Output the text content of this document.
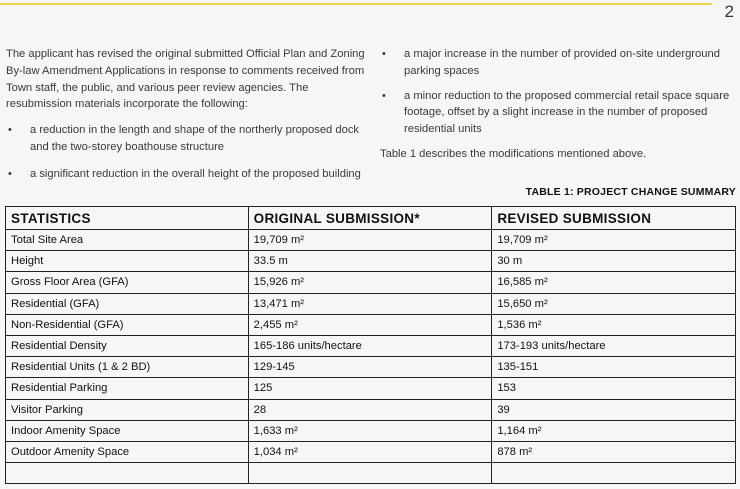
2

The applicant has revised the original submitted Official Plan and Zoning By-law Amendment Applications in response to comments received from Town staff, the public, and various peer review agencies. The resubmission materials incorporate the following:

• a reduction in the length and shape of the northerly proposed dock and the two-storey boathouse structure
• a significant reduction in the overall height of the proposed building
• a major increase in the number of provided on-site underground parking spaces
• a minor reduction to the proposed commercial retail space square footage, offset by a slight increase in the number of proposed residential units

Table 1 describes the modifications mentioned above.

TABLE 1: PROJECT CHANGE SUMMARY
STATISTICS	ORIGINAL SUBMISSION*	REVISED SUBMISSION
Total Site Area	19,709 m²	19,709 m²
Height	33.5 m	30 m
Gross Floor Area (GFA)	15,926 m²	16,585 m²
Residential (GFA)	13,471 m²	15,650 m²
Non-Residential (GFA)	2,455 m²	1,536 m²
Residential Density	165-186 units/hectare	173-193 units/hectare
Residential Units (1 & 2 BD)	129-145	135-151
Residential Parking	125	153
Visitor Parking	28	39
Indoor Amenity Space	1,633 m²	1,164 m²
Outdoor Amenity Space	1,034 m²	878 m²
